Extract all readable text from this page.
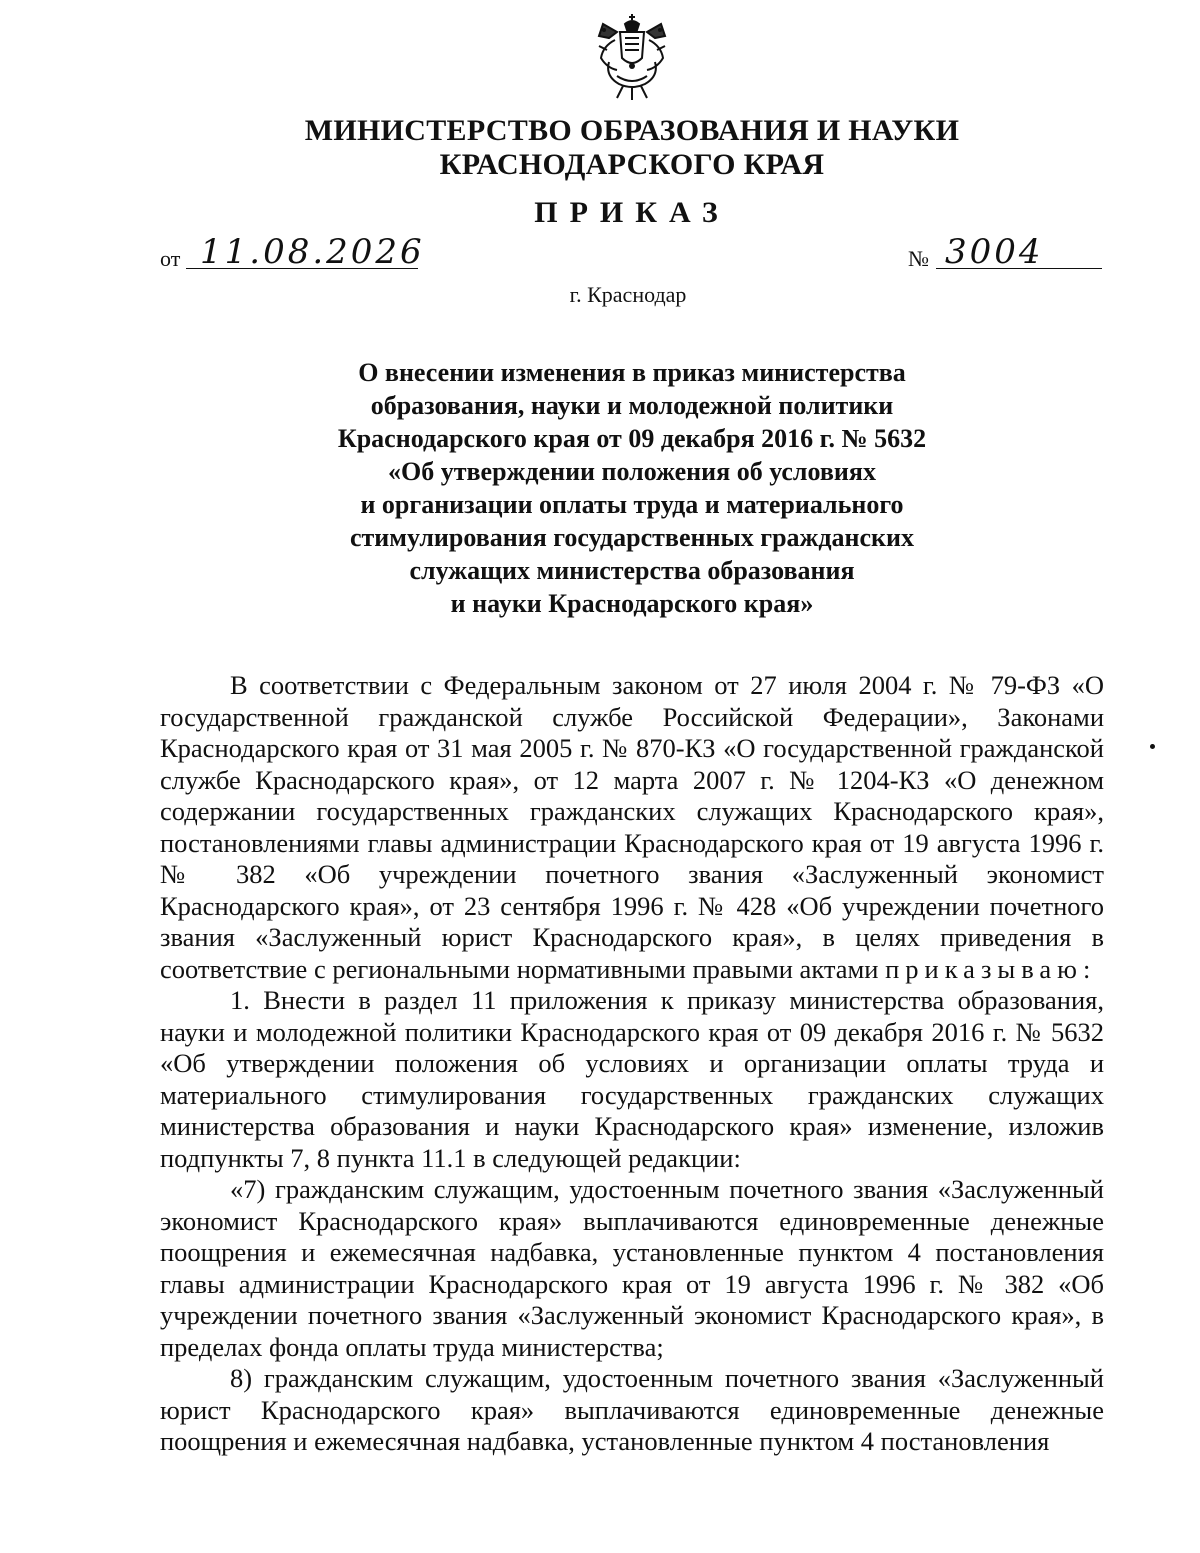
МИНИСТЕРСТВО ОБРАЗОВАНИЯ И НАУКИ
КРАСНОДАРСКОГО КРАЯ
ПРИКАЗ
от 11.08.2026	№ 3004
г. Краснодар
О внесении изменения в приказ министерства
образования, науки и молодежной политики
Краснодарского края от 09 декабря 2016 г. № 5632
«Об утверждении положения об условиях
и организации оплаты труда и материального
стимулирования государственных гражданских
служащих министерства образования
и науки Краснодарского края»

В соответствии с Федеральным законом от 27 июля 2004 г. № 79-ФЗ «О государственной гражданской службе Российской Федерации», Законами Краснодарского края от 31 мая 2005 г. № 870-КЗ «О государственной гражданской службе Краснодарского края», от 12 марта 2007 г. № 1204-КЗ «О денежном содержании государственных гражданских служащих Краснодарского края», постановлениями главы администрации Краснодарского края от 19 августа 1996 г. № 382 «Об учреждении почетного звания «Заслуженный экономист Краснодарского края», от 23 сентября 1996 г. № 428 «Об учреждении почетного звания «Заслуженный юрист Краснодарского края», в целях приведения в соответствие с региональными нормативными правыми актами приказываю:

1. Внести в раздел 11 приложения к приказу министерства образования, науки и молодежной политики Краснодарского края от 09 декабря 2016 г. № 5632 «Об утверждении положения об условиях и организации оплаты труда и материального стимулирования государственных гражданских служащих министерства образования и науки Краснодарского края» изменение, изложив подпункты 7, 8 пункта 11.1 в следующей редакции:

«7) гражданским служащим, удостоенным почетного звания «Заслуженный экономист Краснодарского края» выплачиваются единовременные денежные поощрения и ежемесячная надбавка, установленные пунктом 4 постановления главы администрации Краснодарского края от 19 августа 1996 г. № 382 «Об учреждении почетного звания «Заслуженный экономист Краснодарского края», в пределах фонда оплаты труда министерства;

8) гражданским служащим, удостоенным почетного звания «Заслуженный юрист Краснодарского края» выплачиваются единовременные денежные поощрения и ежемесячная надбавка, установленные пунктом 4 постановления
